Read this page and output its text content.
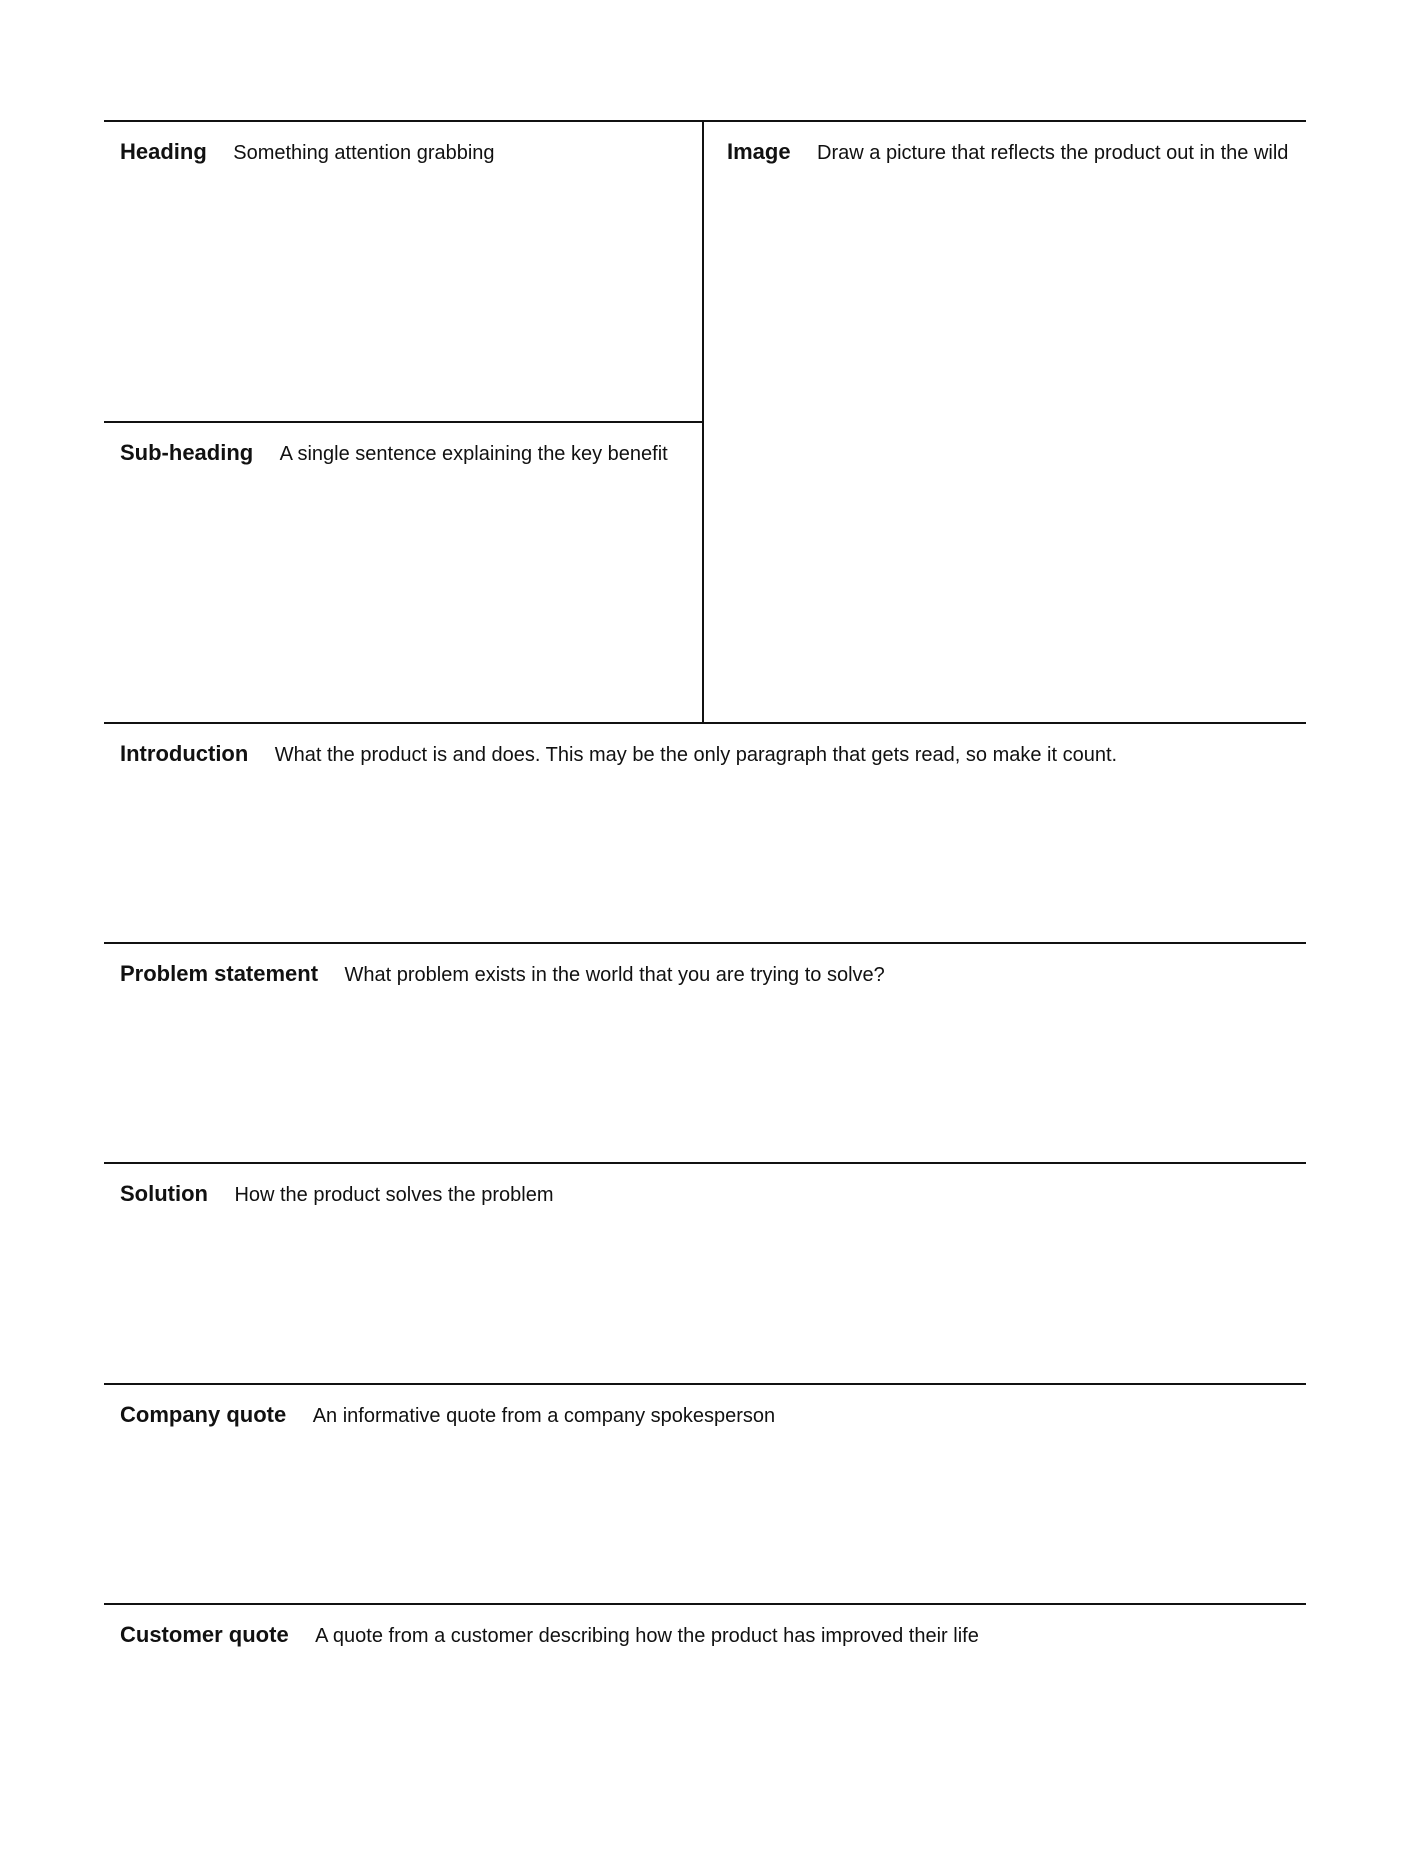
Heading Something attention grabbing	Image Draw a picture that reflects the product out in the wild
Sub-heading A single sentence explaining the key benefit
Introduction What the product is and does. This may be the only paragraph that gets read, so make it count.
Problem statement What problem exists in the world that you are trying to solve?
Solution How the product solves the problem
Company quote An informative quote from a company spokesperson
Customer quote A quote from a customer describing how the product has improved their life
